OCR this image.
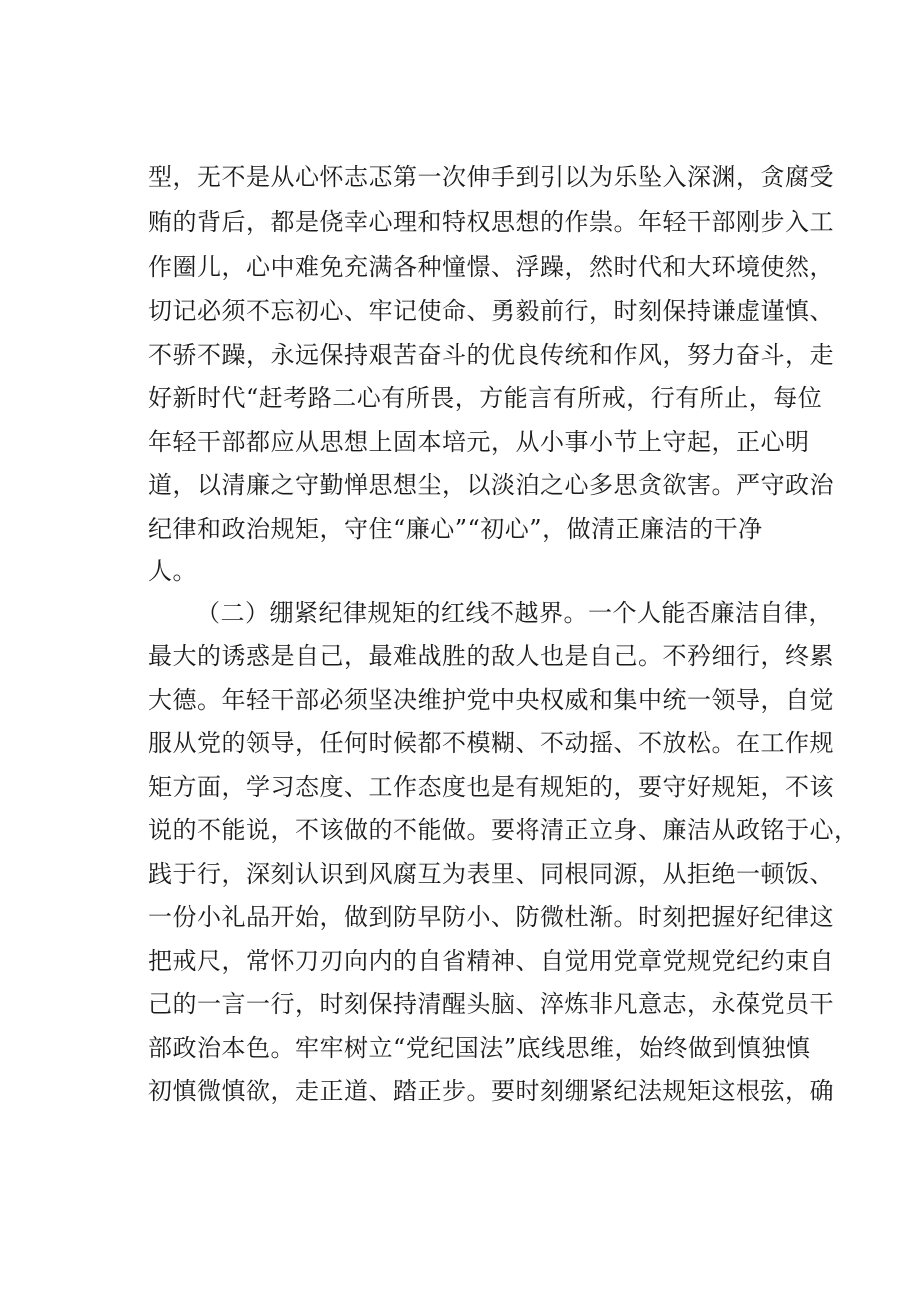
型，无不是从心怀志忑第一次伸手到引以为乐坠入深渊，贪腐受
贿的背后，都是侥幸心理和特权思想的作祟。年轻干部刚步入工
作圈儿，心中难免充满各种憧憬、浮躁，然时代和大环境使然，
切记必须不忘初心、牢记使命、勇毅前行，时刻保持谦虚谨慎、
不骄不躁，永远保持艰苦奋斗的优良传统和作风，努力奋斗，走
好新时代“赶考路二心有所畏，方能言有所戒，行有所止，每位
年轻干部都应从思想上固本培元，从小事小节上守起，正心明
道，以清廉之守勤惮思想尘，以淡泊之心多思贪欲害。严守政治
纪律和政治规矩，守住“廉心”“初心”，做清正廉洁的干净
人。
（二）绷紧纪律规矩的红线不越界。一个人能否廉洁自律，
最大的诱惑是自己，最难战胜的敌人也是自己。不矜细行，终累
大德。年轻干部必须坚决维护党中央权威和集中统一领导，自觉
服从党的领导，任何时候都不模糊、不动摇、不放松。在工作规
矩方面，学习态度、工作态度也是有规矩的，要守好规矩，不该
说的不能说，不该做的不能做。要将清正立身、廉洁从政铭于心，
践于行，深刻认识到风腐互为表里、同根同源，从拒绝一顿饭、
一份小礼品开始，做到防早防小、防微杜渐。时刻把握好纪律这
把戒尺，常怀刀刃向内的自省精神、自觉用党章党规党纪约束自
己的一言一行，时刻保持清醒头脑、淬炼非凡意志，永葆党员干
部政治本色。牢牢树立“党纪国法”底线思维，始终做到慎独慎
初慎微慎欲，走正道、踏正步。要时刻绷紧纪法规矩这根弦，确
